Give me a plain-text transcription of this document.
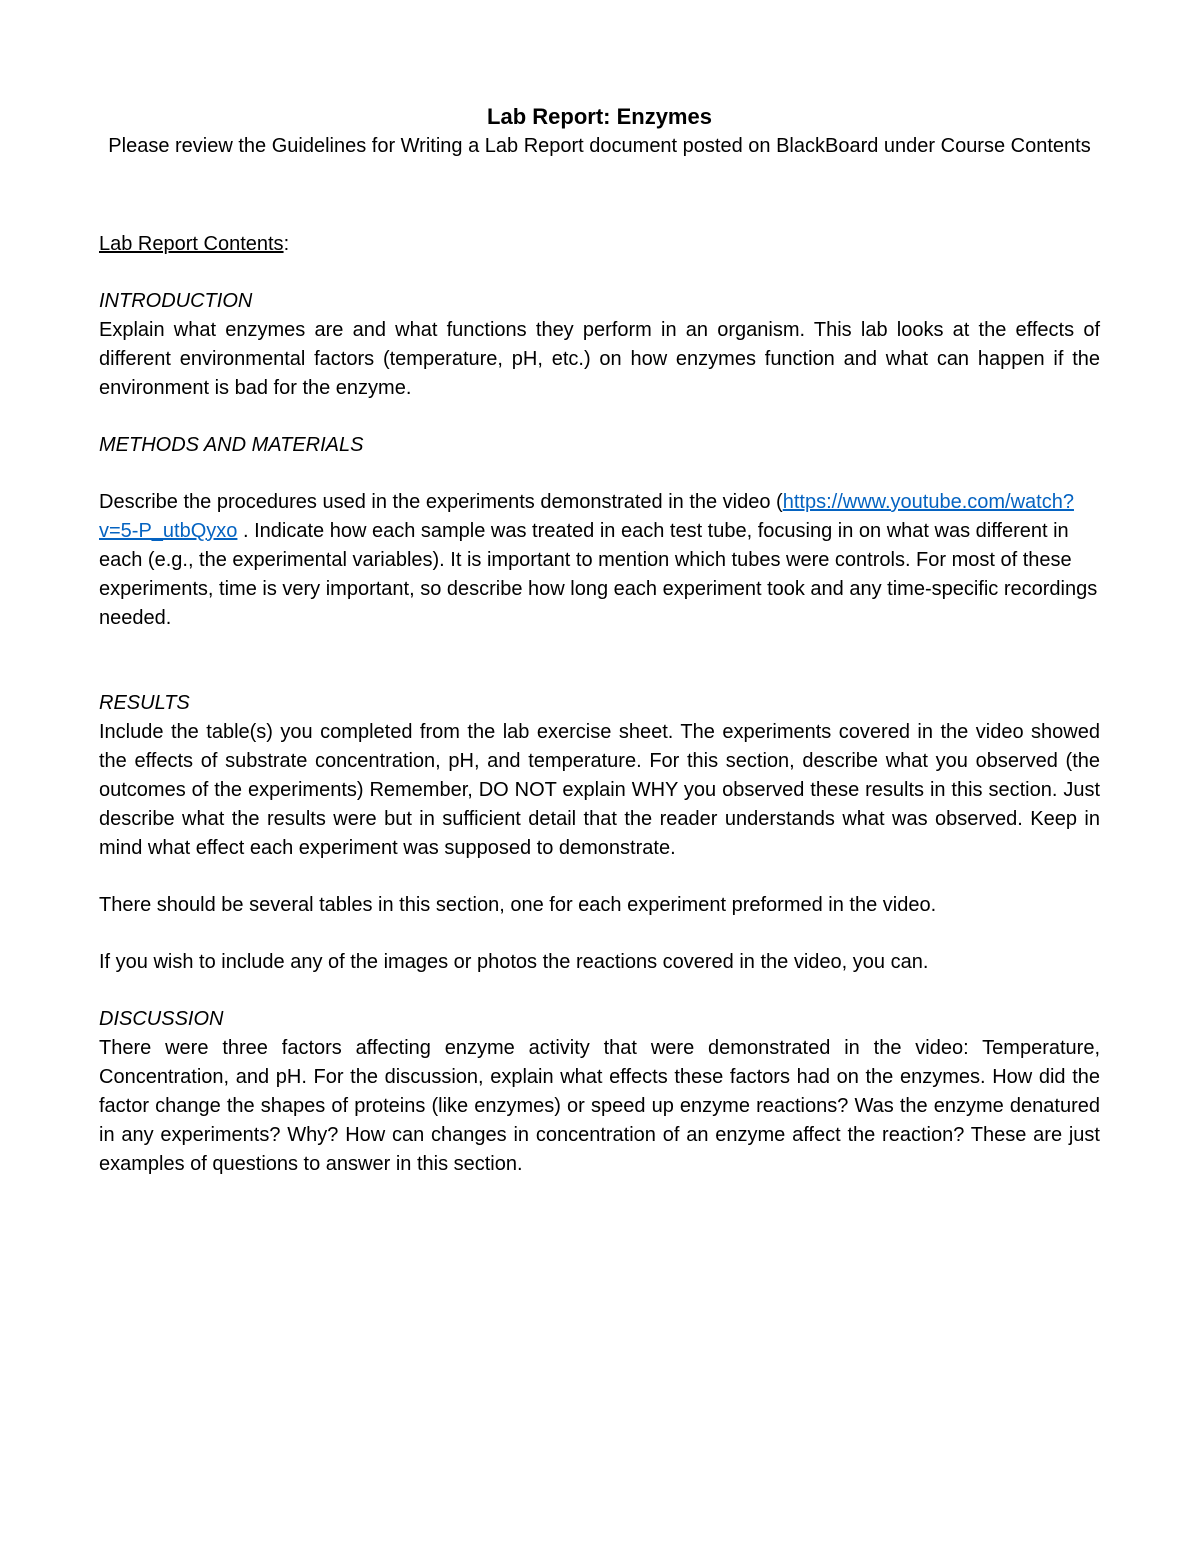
Lab Report: Enzymes

Please review the Guidelines for Writing a Lab Report document posted on BlackBoard under Course Contents

Lab Report Contents:

INTRODUCTION

Explain what enzymes are and what functions they perform in an organism. This lab looks at the effects of different environmental factors (temperature, pH, etc.) on how enzymes function and what can happen if the environment is bad for the enzyme.

METHODS AND MATERIALS

Describe the procedures used in the experiments demonstrated in the video (https://www.youtube.com/watch?v=5-P_utbQyxo . Indicate how each sample was treated in each test tube, focusing in on what was different in each (e.g., the experimental variables). It is important to mention which tubes were controls. For most of these experiments, time is very important, so describe how long each experiment took and any time-specific recordings needed.

RESULTS

Include the table(s) you completed from the lab exercise sheet. The experiments covered in the video showed the effects of substrate concentration, pH, and temperature. For this section, describe what you observed (the outcomes of the experiments) Remember, DO NOT explain WHY you observed these results in this section. Just describe what the results were but in sufficient detail that the reader understands what was observed. Keep in mind what effect each experiment was supposed to demonstrate.

There should be several tables in this section, one for each experiment preformed in the video.

If you wish to include any of the images or photos the reactions covered in the video, you can.

DISCUSSION

There were three factors affecting enzyme activity that were demonstrated in the video: Temperature, Concentration, and pH. For the discussion, explain what effects these factors had on the enzymes. How did the factor change the shapes of proteins (like enzymes) or speed up enzyme reactions? Was the enzyme denatured in any experiments? Why? How can changes in concentration of an enzyme affect the reaction? These are just examples of questions to answer in this section.
